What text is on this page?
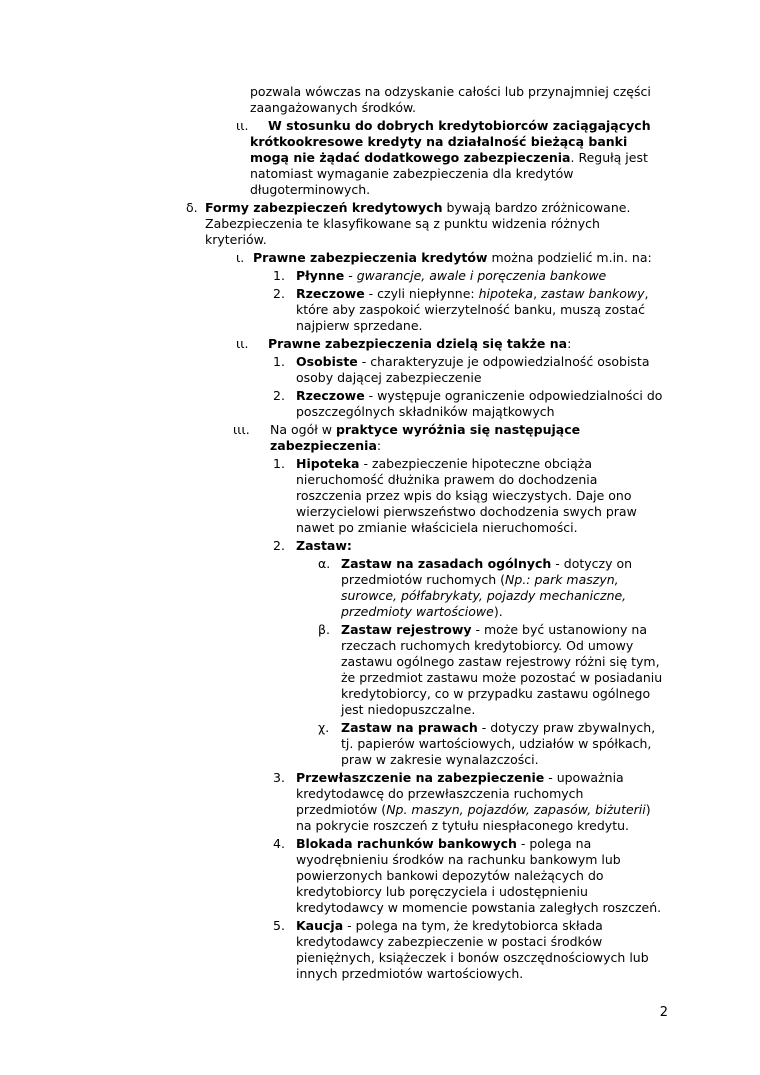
pozwala wówczas na odzyskanie całości lub przynajmniej części zaangażowanych środków.
ιι. W stosunku do dobrych kredytobiorców zaciągających krótkookresowe kredyty na działalność bieżącą banki mogą nie żądać dodatkowego zabezpieczenia. Regułą jest natomiast wymaganie zabezpieczenia dla kredytów długoterminowych.
δ. Formy zabezpieczeń kredytowych bywają bardzo zróżnicowane. Zabezpieczenia te klasyfikowane są z punktu widzenia różnych kryteriów.
ι. Prawne zabezpieczenia kredytów można podzielić m.in. na:
1. Płynne - gwarancje, awale i poręczenia bankowe
2. Rzeczowe - czyli niepłynne: hipoteka, zastaw bankowy, które aby zaspokoić wierzytelność banku, muszą zostać najpierw sprzedane.
ιι. Prawne zabezpieczenia dzielą się także na:
1. Osobiste - charakteryzuje je odpowiedzialność osobista osoby dającej zabezpieczenie
2. Rzeczowe - występuje ograniczenie odpowiedzialności do poszczególnych składników majątkowych
ιιι. Na ogół w praktyce wyróżnia się następujące zabezpieczenia:
1. Hipoteka - zabezpieczenie hipoteczne obciąża nieruchomość dłużnika prawem do dochodzenia roszczenia przez wpis do ksiąg wieczystych. Daje ono wierzycielowi pierwszeństwo dochodzenia swych praw nawet po zmianie właściciela nieruchomości.
2. Zastaw:
α. Zastaw na zasadach ogólnych - dotyczy on przedmiotów ruchomych (Np.: park maszyn, surowce, półfabrykaty, pojazdy mechaniczne, przedmioty wartościowe).
β. Zastaw rejestrowy - może być ustanowiony na rzeczach ruchomych kredytobiorcy. Od umowy zastawu ogólnego zastaw rejestrowy różni się tym, że przedmiot zastawu może pozostać w posiadaniu kredytobiorcy, co w przypadku zastawu ogólnego jest niedopuszczalne.
χ. Zastaw na prawach - dotyczy praw zbywalnych, tj. papierów wartościowych, udziałów w spółkach, praw w zakresie wynalazczości.
3. Przewłaszczenie na zabezpieczenie - upoważnia kredytodawcę do przewłaszczenia ruchomych przedmiotów (Np. maszyn, pojazdów, zapasów, biżuterii) na pokrycie roszczeń z tytułu niespłaconego kredytu.
4. Blokada rachunków bankowych - polega na wyodrębnieniu środków na rachunku bankowym lub powierzonych bankowi depozytów należących do kredytobiorcy lub poręczyciela i udostępnieniu kredytodawcy w momencie powstania zaległych roszczeń.
5. Kaucja - polega na tym, że kredytobiorca składa kredytodawcy zabezpieczenie w postaci środków pieniężnych, książeczek i bonów oszczędnościowych lub innych przedmiotów wartościowych.
2
